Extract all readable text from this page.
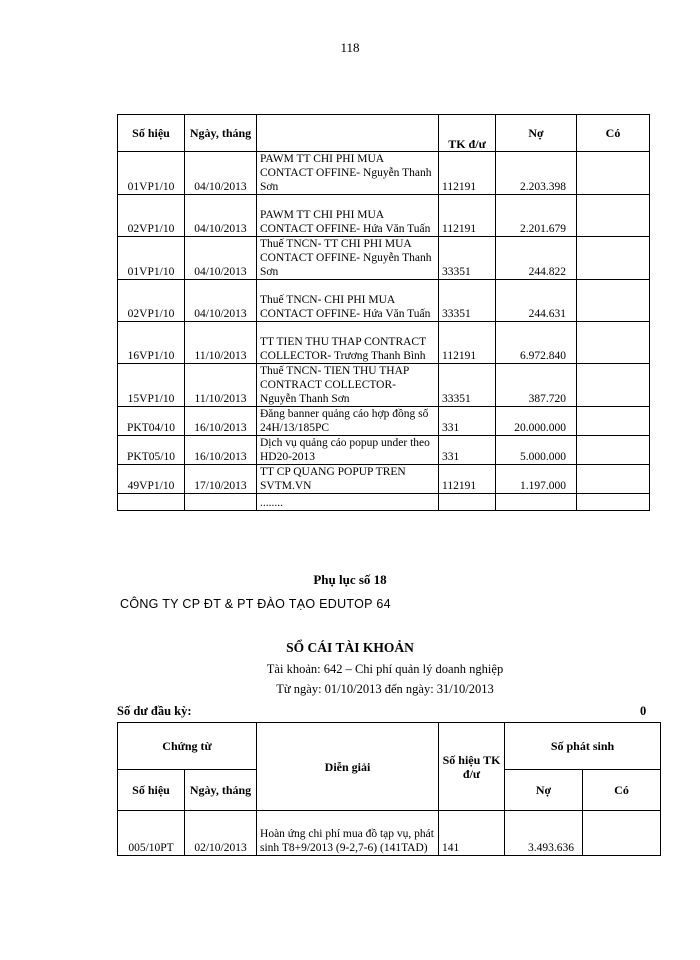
118
Số hiệu	Ngày, tháng		TK đ/ư	Nợ	Có
01VP1/10	04/10/2013	PAWM TT CHI PHI MUA CONTACT OFFINE- Nguyễn Thanh Sơn	112191	2.203.398	
02VP1/10	04/10/2013	PAWM TT CHI PHI MUA CONTACT OFFINE- Hứa Văn Tuấn	112191	2.201.679	
01VP1/10	04/10/2013	Thuế TNCN- TT CHI PHI MUA CONTACT OFFINE- Nguyễn Thanh Sơn	33351	244.822	
02VP1/10	04/10/2013	Thuế TNCN- CHI PHI MUA CONTACT OFFINE- Hứa Văn Tuấn	33351	244.631	
16VP1/10	11/10/2013	TT TIEN THU THAP CONTRACT COLLECTOR- Trương Thanh Bình	112191	6.972.840	
15VP1/10	11/10/2013	Thuế TNCN- TIEN THU THAP CONTRACT COLLECTOR- Nguyễn Thanh Sơn	33351	387.720	
PKT04/10	16/10/2013	Đăng banner quảng cáo hợp đồng số 24H/13/185PC	331	20.000.000	
PKT05/10	16/10/2013	Dịch vụ quảng cáo popup under theo HD20-2013	331	5.000.000	
49VP1/10	17/10/2013	TT CP QUANG POPUP TREN SVTM.VN	112191	1.197.000	
		........			
Phụ lục số 18
CÔNG TY CP ĐT & PT ĐÀO TẠO EDUTOP 64
SỔ CÁI TÀI KHOẢN
Tài khoản: 642 – Chi phí quản lý doanh nghiệp
Từ ngày: 01/10/2013 đến ngày: 31/10/2013
Số dư đầu kỳ:	0
Chứng từ		Diễn giải	Số hiệu TK đ/ư	Số phát sinh	
Số hiệu	Ngày, tháng			Nợ	Có
005/10PT	02/10/2013	Hoàn ứng chi phí mua đồ tạp vụ, phát sinh T8+9/2013 (9-2,7-6) (141TAD)	141	3.493.636	
